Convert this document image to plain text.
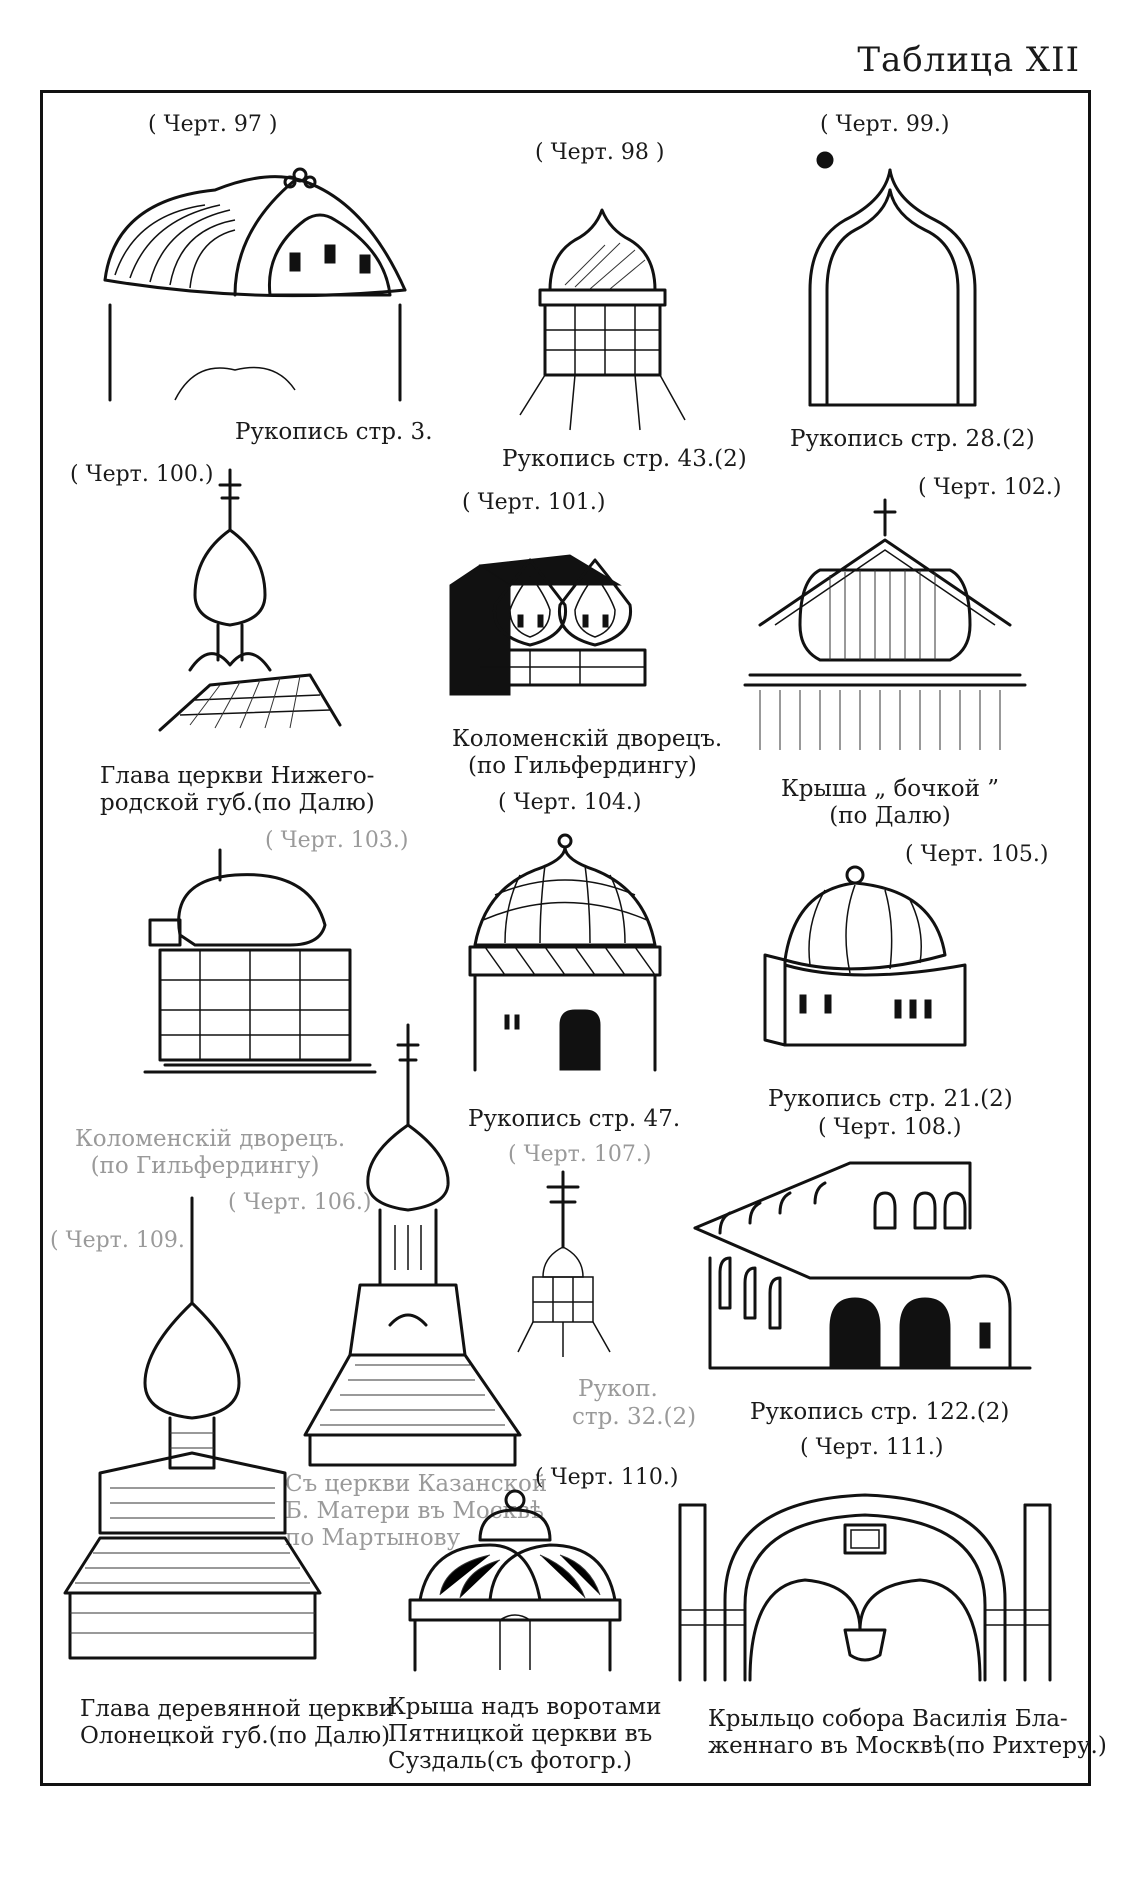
Таблица XII
( Черт. 97 )
Рукопись стр. 3.
( Черт. 98 )
Рукопись стр. 43.(2)
( Черт. 99.)
Рукопись стр. 28.(2)
( Черт. 100.)
Глава церкви Нижего-
родской губ.(по Далю)
( Черт. 101.)
Коломенскій дворецъ.
(по Гильфердингу)
( Черт. 102.)
Крыша „ бочкой ”
(по Далю)
( Черт. 103.)
Коломенскій дворецъ.
(по Гильфердингу)
( Черт. 104.)
Рукопись стр. 47.
( Черт. 105.)
Рукопись стр. 21.(2)
( Черт. 108.)
Рукопись стр. 122.(2)
( Черт. 106.)
Съ церкви Казанской
Б. Матери въ Москвѣ
по Мартынову
( Черт. 107.)
Рукоп.
стр. 32.(2)
( Черт. 109.
Глава деревянной церкви
Олонецкой губ.(по Далю)
( Черт. 110.)
Крыша надъ воротами
Пятницкой церкви въ
Суздаль(съ фотогр.)
( Черт. 111.)
Крыльцо собора Василія Бла-
женнаго въ Москвѣ(по Рихтеру.)
